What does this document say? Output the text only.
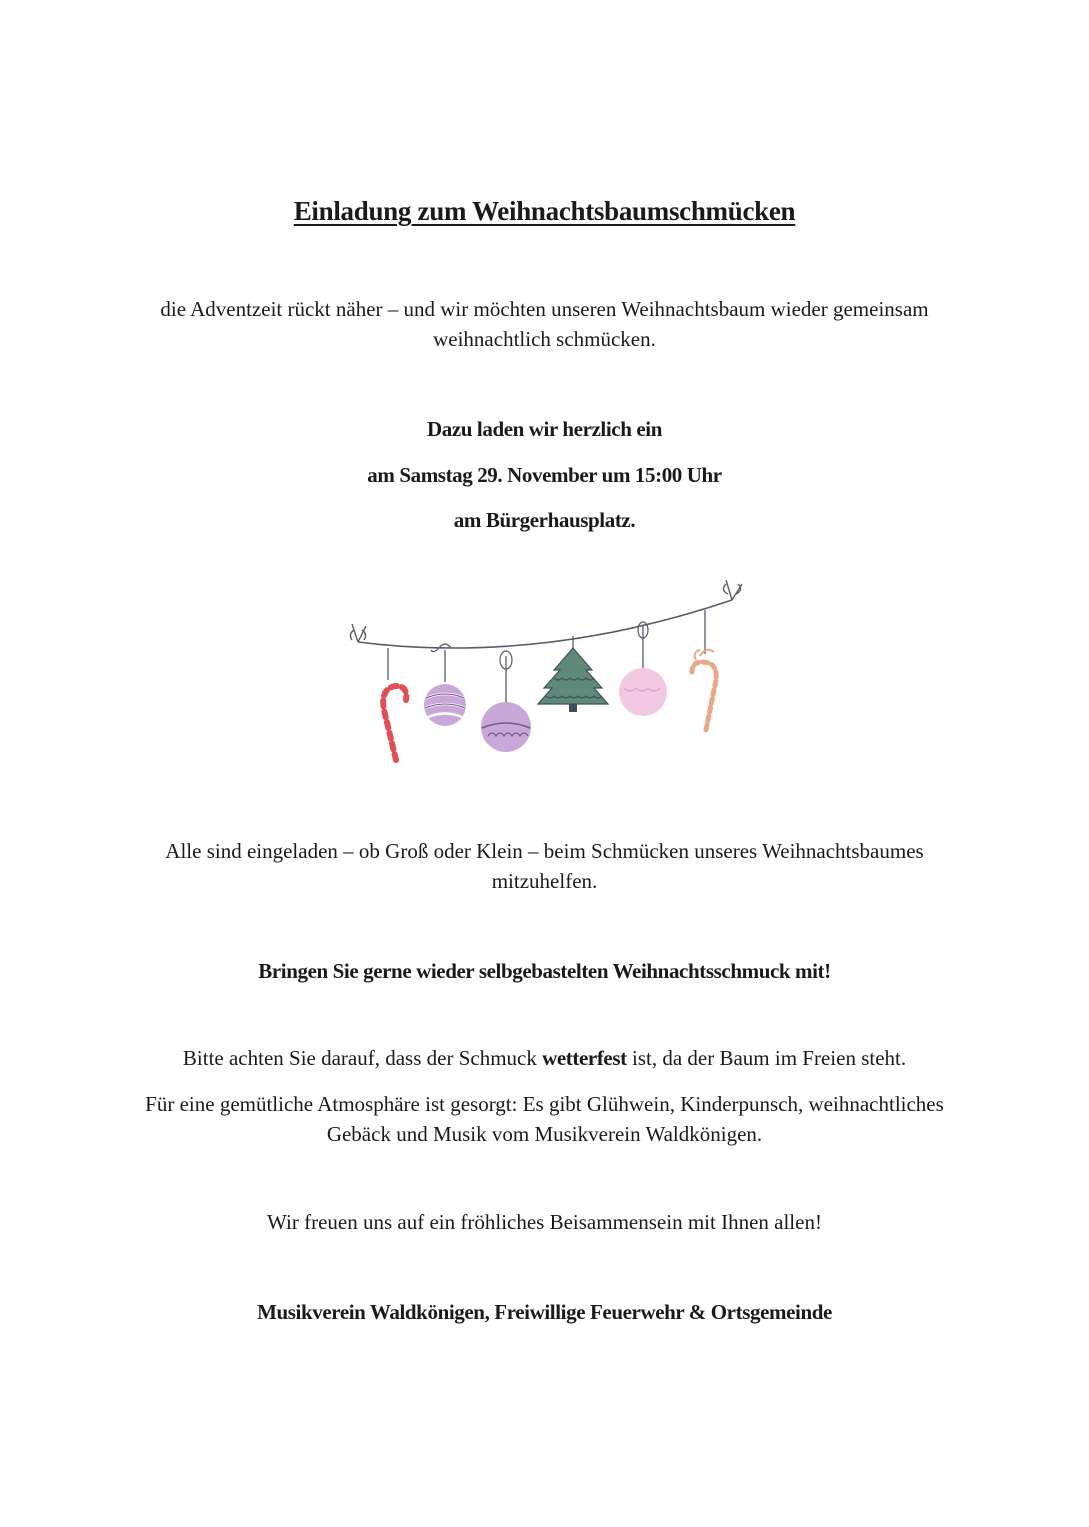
Einladung zum Weihnachtsbaumschmücken
die Adventzeit rückt näher – und wir möchten unseren Weihnachtsbaum wieder gemeinsam
weihnachtlich schmücken.
Dazu laden wir herzlich ein
am Samstag 29. November um 15:00 Uhr
am Bürgerhausplatz.
Alle sind eingeladen – ob Groß oder Klein – beim Schmücken unseres Weihnachtsbaumes
mitzuhelfen.
Bringen Sie gerne wieder selbgebastelten Weihnachtsschmuck mit!
Bitte achten Sie darauf, dass der Schmuck wetterfest ist, da der Baum im Freien steht.
Für eine gemütliche Atmosphäre ist gesorgt: Es gibt Glühwein, Kinderpunsch, weihnachtliches
Gebäck und Musik vom Musikverein Waldkönigen.
Wir freuen uns auf ein fröhliches Beisammensein mit Ihnen allen!
Musikverein Waldkönigen, Freiwillige Feuerwehr & Ortsgemeinde
